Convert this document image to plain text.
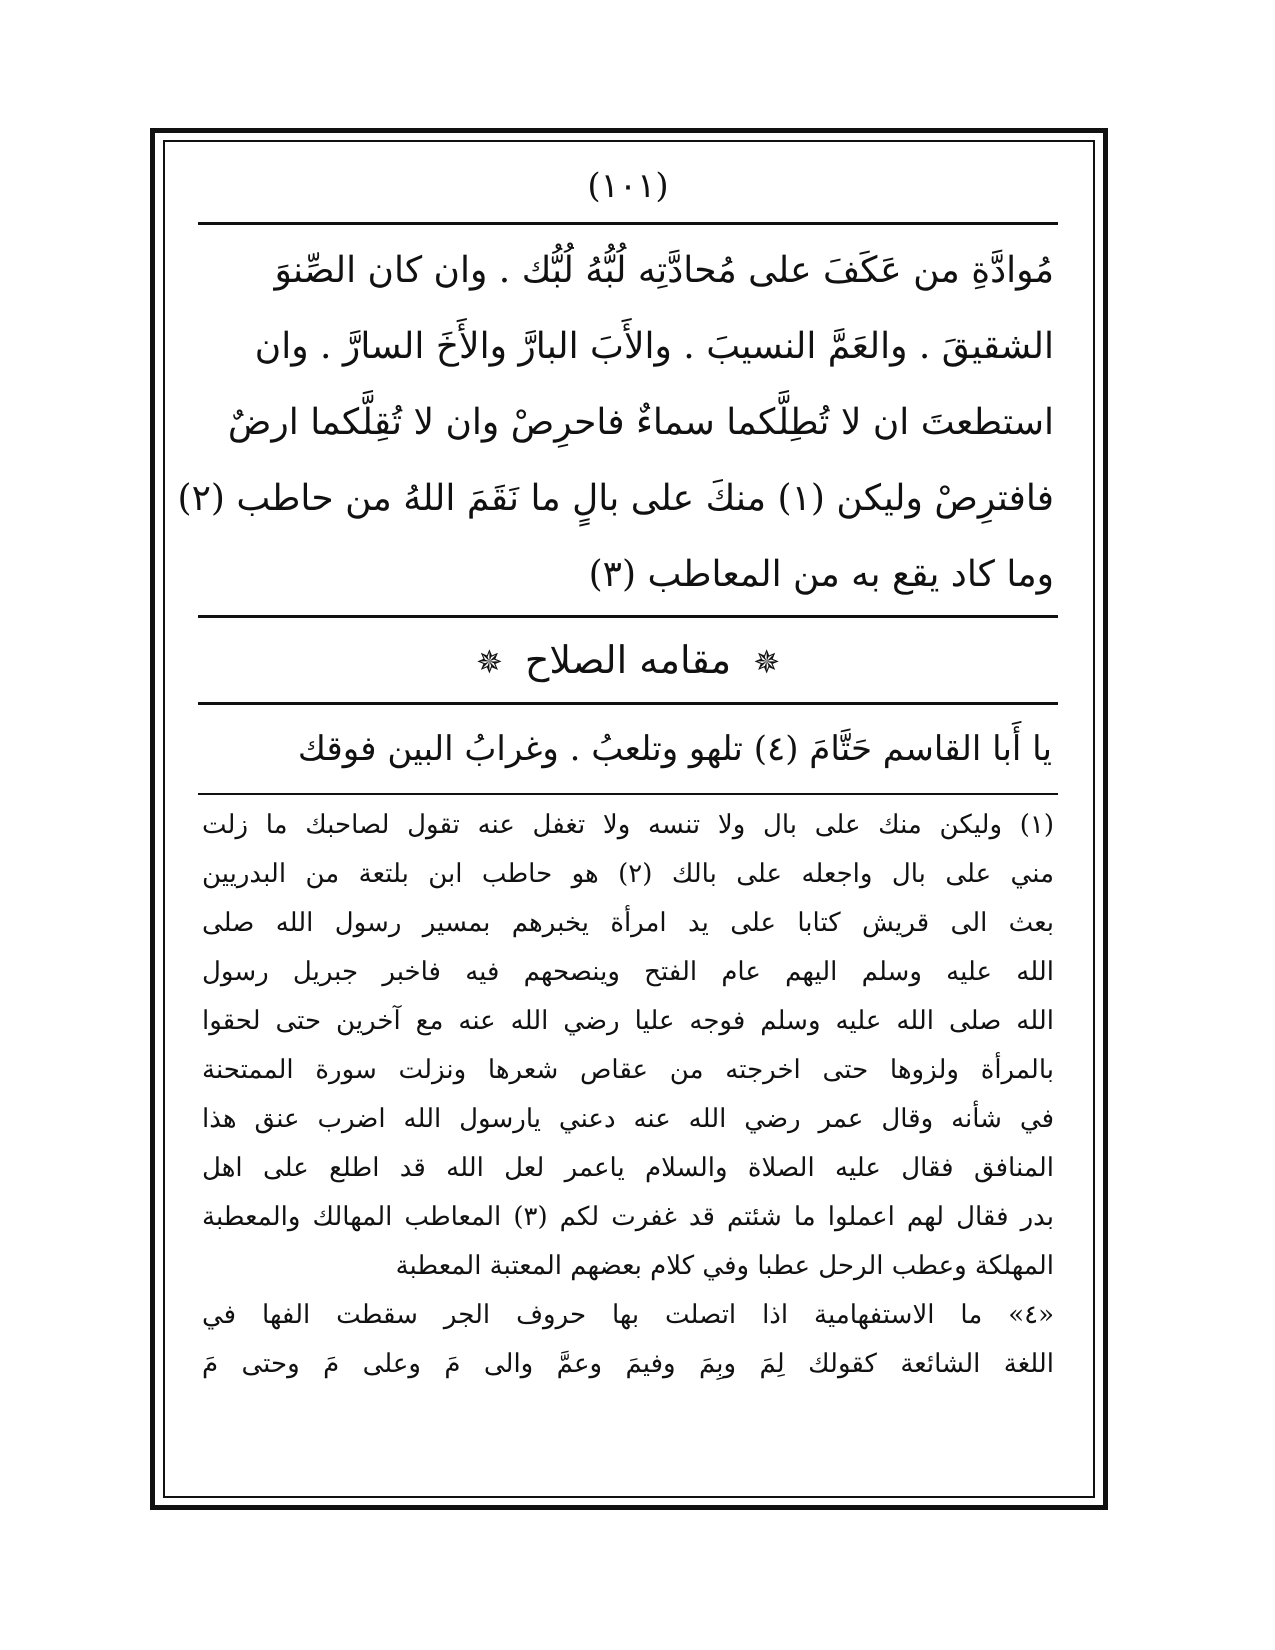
(١٠١)
مُوادَّةِ من عَكَفَ على مُحادَّتِه لُبُّهُ لُبُّك . وان كان الصِّنوَ
الشقيقَ . والعَمَّ النسيبَ . والأَبَ البارَّ والأَخَ السارَّ . وان
استطعتَ ان لا تُطِلَّكما سماءٌ فاحرِصْ وان لا تُقِلَّكما ارضٌ
فافترِصْ وليكن (١) منكَ على بالٍ ما نَقَمَ اللهُ من حاطب (٢)
وما كاد يقع به من المعاطب (٣)
✵ مقامه الصلاح ✵
يا أَبا القاسم حَتَّامَ (٤) تلهو وتلعبُ . وغرابُ البين فوقك
(١) وليكن منك على بال ولا تنسه ولا تغفل عنه تقول لصاحبك ما زلت
مني على بال واجعله على بالك (٢) هو حاطب ابن بلتعة من البدريين
بعث الى قريش كتابا على يد امرأة يخبرهم بمسير رسول الله صلى
الله عليه وسلم اليهم عام الفتح وينصحهم فيه فاخبر جبريل رسول
الله صلى الله عليه وسلم فوجه عليا رضي الله عنه مع آخرين حتى لحقوا
بالمرأة ولزوها حتى اخرجته من عقاص شعرها ونزلت سورة الممتحنة
في شأنه وقال عمر رضي الله عنه دعني يارسول الله اضرب عنق هذا
المنافق فقال عليه الصلاة والسلام ياعمر لعل الله قد اطلع على اهل
بدر فقال لهم اعملوا ما شئتم قد غفرت لكم (٣) المعاطب المهالك والمعطبة
المهلكة وعطب الرحل عطبا وفي كلام بعضهم المعتبة المعطبة
«٤» ما الاستفهامية اذا اتصلت بها حروف الجر سقطت الفها في
اللغة الشائعة كقولك لِمَ وبِمَ وفيمَ وعمَّ والى مَ وعلى مَ وحتى مَ
